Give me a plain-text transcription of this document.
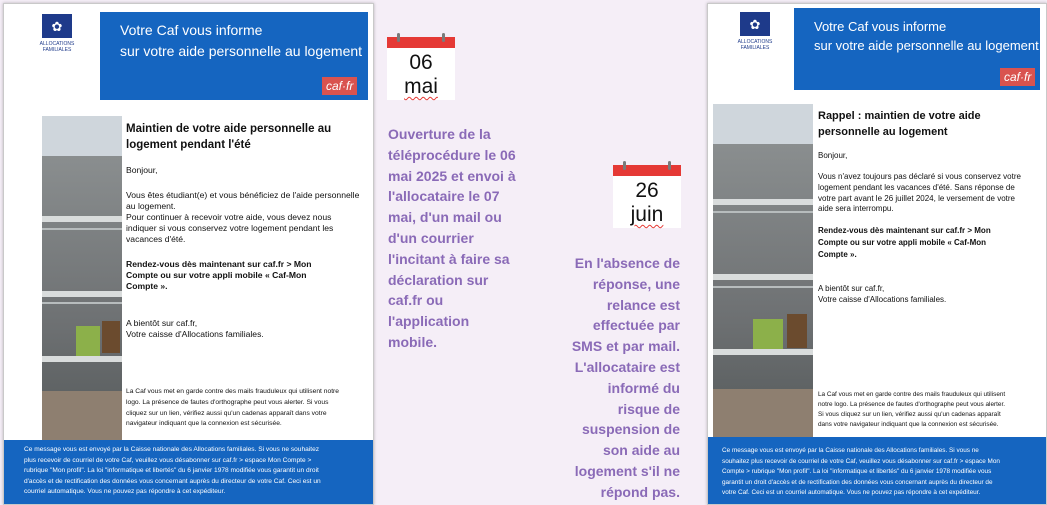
✿
ALLOCATIONS FAMILIALES
Votre Caf vous informe
sur votre aide personnelle au logement
caf·fr
Maintien de votre aide personnelle au
logement pendant l'été
Bonjour,
Vous êtes étudiant(e) et vous bénéficiez de l'aide personnelle
au logement.
Pour continuer à recevoir votre aide, vous devez nous
indiquer si vous conservez votre logement pendant les
vacances d'été.
Rendez-vous dès maintenant sur caf.fr > Mon
Compte ou sur votre appli mobile « Caf-Mon
Compte ».
A bientôt sur caf.fr,
Votre caisse d'Allocations familiales.
La Caf vous met en garde contre des mails frauduleux qui utilisent notre
logo. La présence de fautes d'orthographe peut vous alerter. Si vous
cliquez sur un lien, vérifiez aussi qu'un cadenas apparaît dans votre
navigateur indiquant que la connexion est sécurisée.

Ce message vous est envoyé par la Caisse nationale des Allocations familiales. Si vous ne souhaitez
plus recevoir de courriel de votre Caf, veuillez vous désabonner sur caf.fr > espace Mon Compte >
rubrique "Mon profil". La loi "informatique et libertés" du 6 janvier 1978 modifiée vous garantit un droit
d'accès et de rectification des données vous concernant auprès du directeur de votre Caf. Ceci est un
courriel automatique. Vous ne pouvez pas répondre à cet expéditeur.

06
mai
Ouverture de la
téléprocédure le 06
mai 2025 et envoi à
l'allocataire le 07
mai, d'un mail ou
d'un courrier
l'incitant à faire sa
déclaration sur
caf.fr ou
l'application
mobile.
26
juin
En l'absence de
réponse, une
relance est
effectuée par
SMS et par mail.
L'allocataire est
informé du
risque de
suspension de
son aide au
logement s'il ne
répond pas.
✿
ALLOCATIONS FAMILIALES
Votre Caf vous informe
sur votre aide personnelle au logement
caf·fr
Rappel : maintien de votre aide
personnelle au logement
Bonjour,
Vous n'avez toujours pas déclaré si vous conservez votre
logement pendant les vacances d'été. Sans réponse de
votre part avant le 26 juillet 2024, le versement de votre
aide sera interrompu.
Rendez-vous dès maintenant sur caf.fr > Mon
Compte ou sur votre appli mobile « Caf-Mon
Compte ».
A bientôt sur caf.fr,
Votre caisse d'Allocations familiales.
La Caf vous met en garde contre des mails frauduleux qui utilisent
notre logo. La présence de fautes d'orthographe peut vous alerter.
Si vous cliquez sur un lien, vérifiez aussi qu'un cadenas apparaît
dans votre navigateur indiquant que la connexion est sécurisée.

Ce message vous est envoyé par la Caisse nationale des Allocations familiales. Si vous ne
souhaitez plus recevoir de courriel de votre Caf, veuillez vous désabonner sur caf.fr > espace Mon
Compte > rubrique "Mon profil". La loi "informatique et libertés" du 6 janvier 1978 modifiée vous
garantit un droit d'accès et de rectification des données vous concernant auprès du directeur de
votre Caf. Ceci est un courriel automatique. Vous ne pouvez pas répondre à cet expéditeur.
